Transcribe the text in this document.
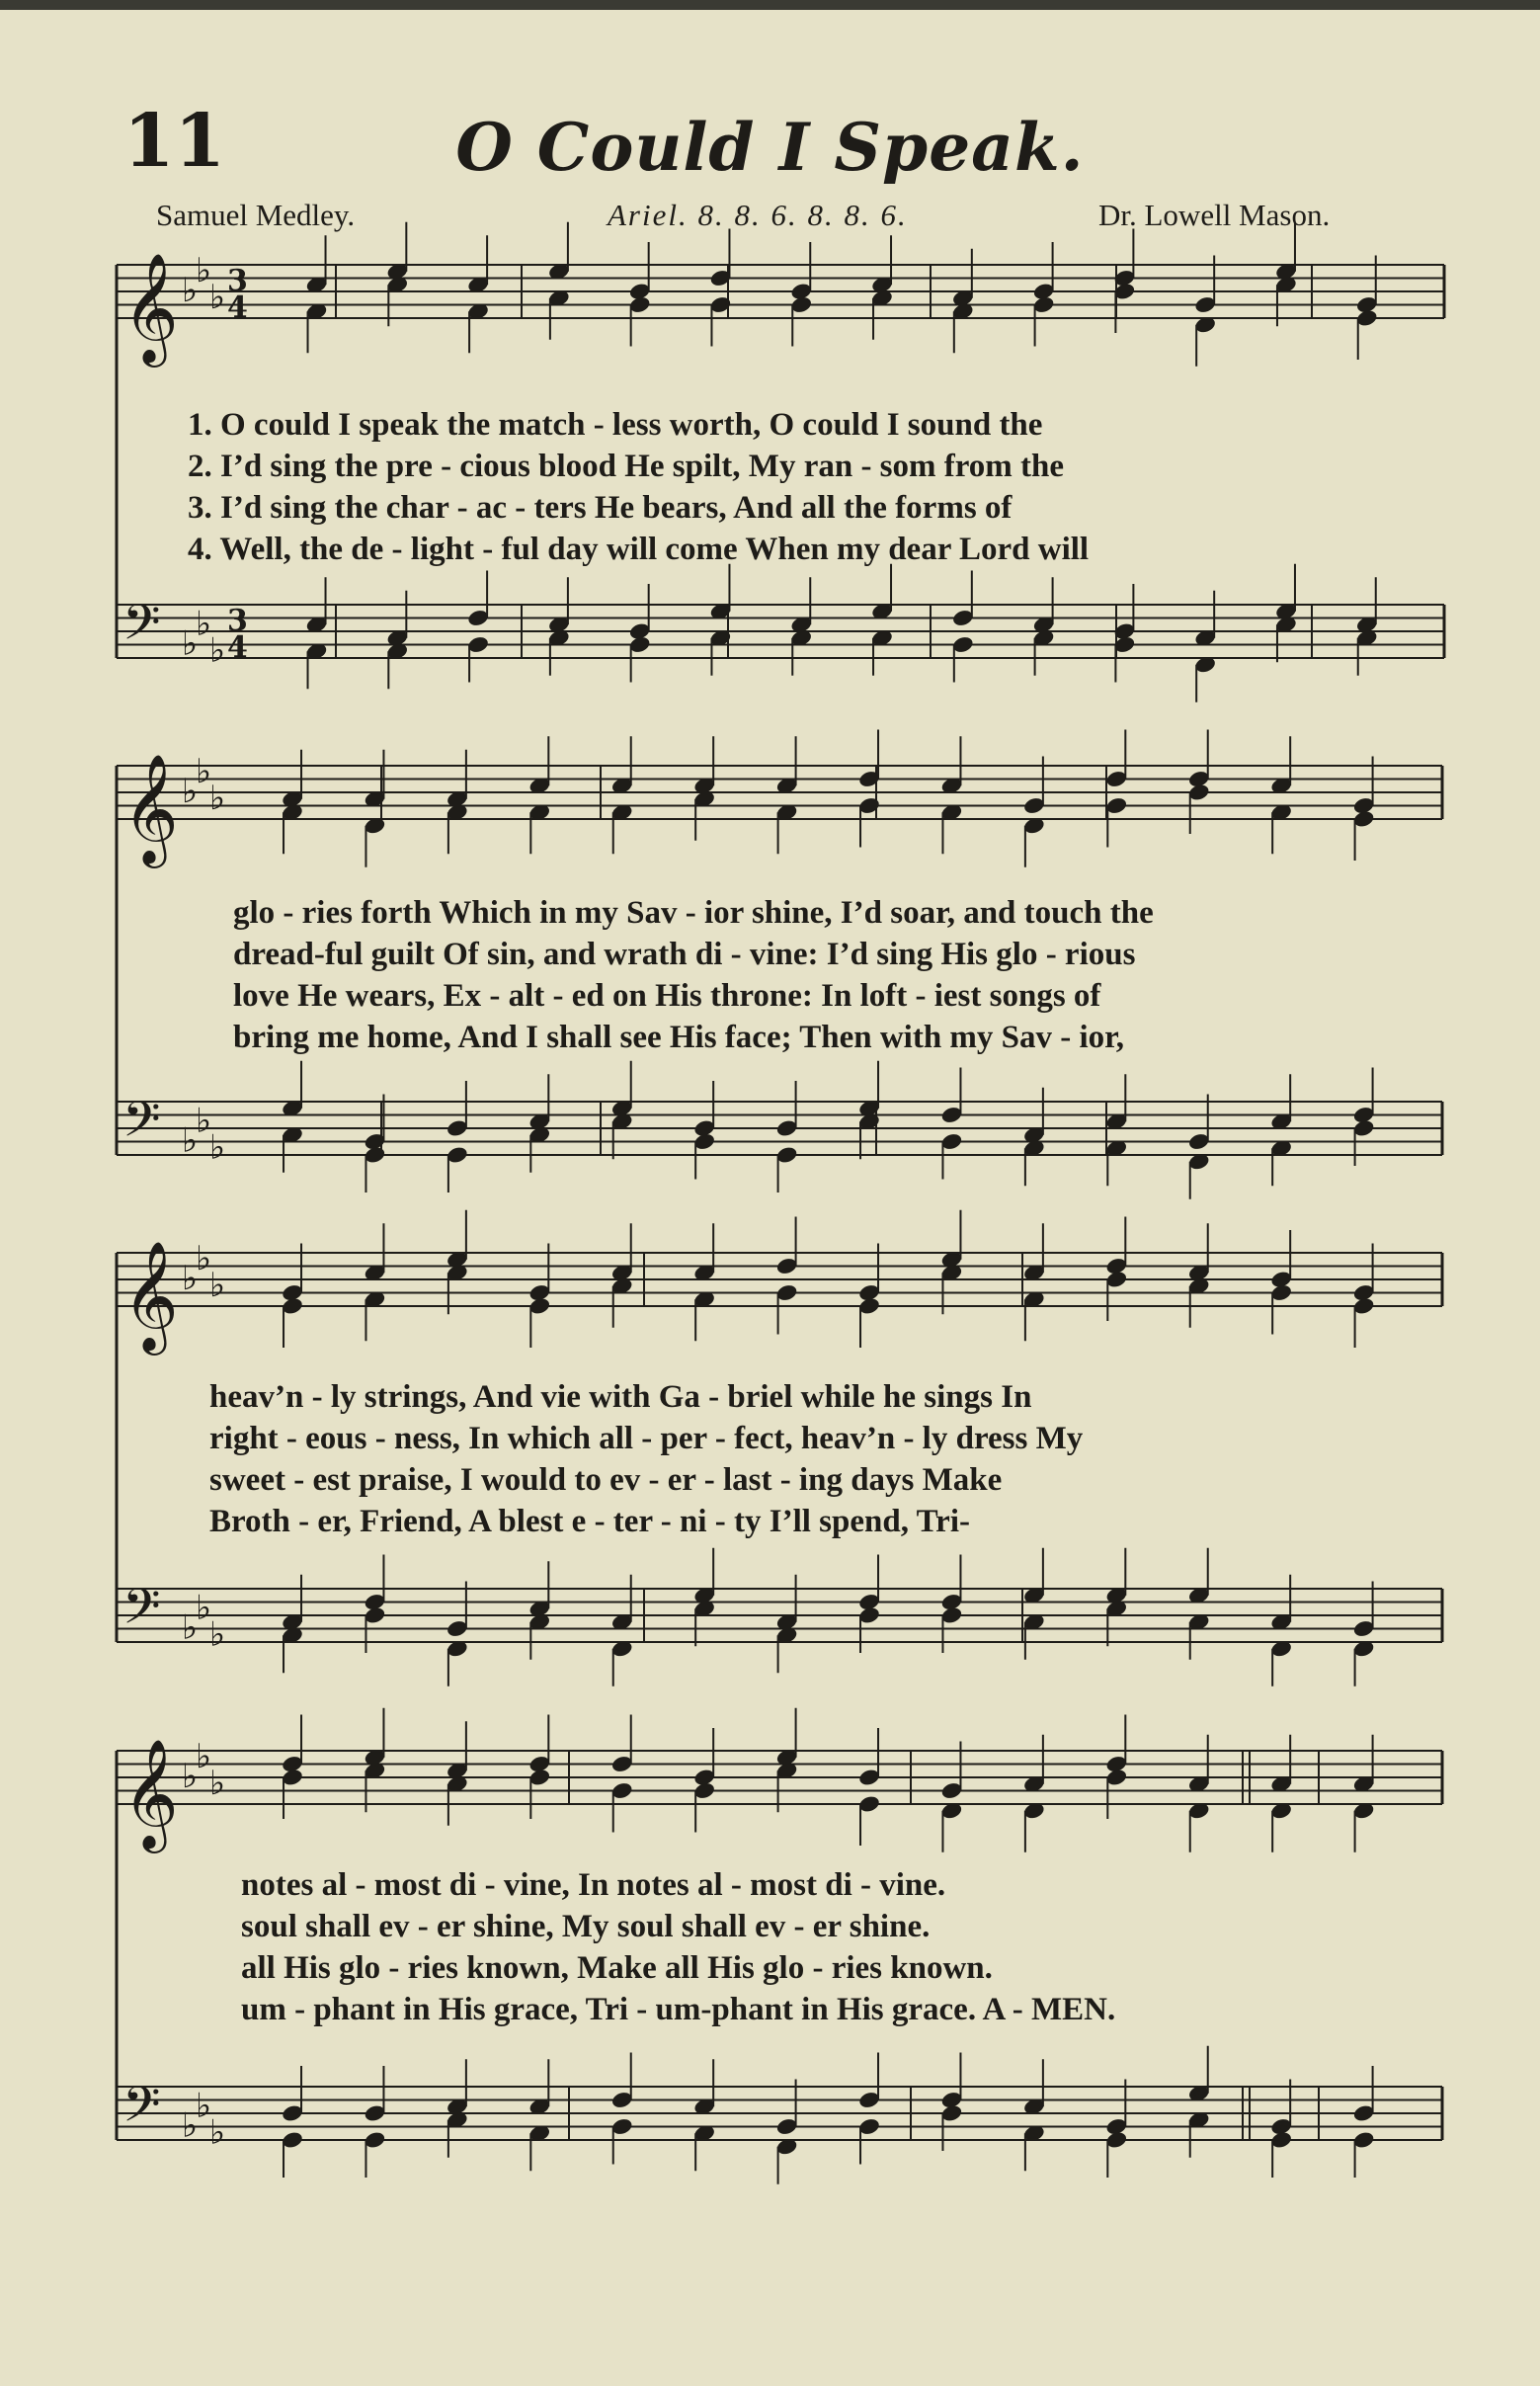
11	O Could I Speak.
Samuel Medley.	Ariel. 8. 8. 6. 8. 8. 6.	Dr. Lowell Mason.
1. O could I speak the match - less worth, O could I sound the
2. I’d sing the pre - cious blood He spilt, My ran - som from the
3. I’d sing the char - ac - ters He bears, And all the forms of
4. Well, the de - light - ful day will come When my dear Lord will
glo - ries forth Which in my Sav - ior shine, I’d soar, and touch the
dread-ful guilt Of sin, and wrath di - vine: I’d sing His glo - rious
love He wears, Ex - alt - ed on His throne: In loft - iest songs of
bring me home, And I shall see His face; Then with my Sav - ior,
heav’n - ly strings, And vie with Ga - briel while he sings In
right - eous - ness, In which all - per - fect, heav’n - ly dress My
sweet - est praise, I would to ev - er - last - ing days Make
Broth - er, Friend, A blest e - ter - ni - ty I’ll spend, Tri-
notes al - most di - vine, In notes al - most di - vine.
soul shall ev - er shine, My soul shall ev - er shine.
all His glo - ries known, Make all His glo - ries known.
um - phant in His grace, Tri - um-phant in His grace. A - MEN.
𝄞 ♭
♭
♭
𝄢 ♭
♭
♭
3
4
3
4
𝄞 ♭
♭
♭
𝄢 ♭
♭
♭
𝄞 ♭
♭
♭
𝄢 ♭
♭
♭
𝄞 ♭
♭
♭
𝄢 ♭
♭
♭
